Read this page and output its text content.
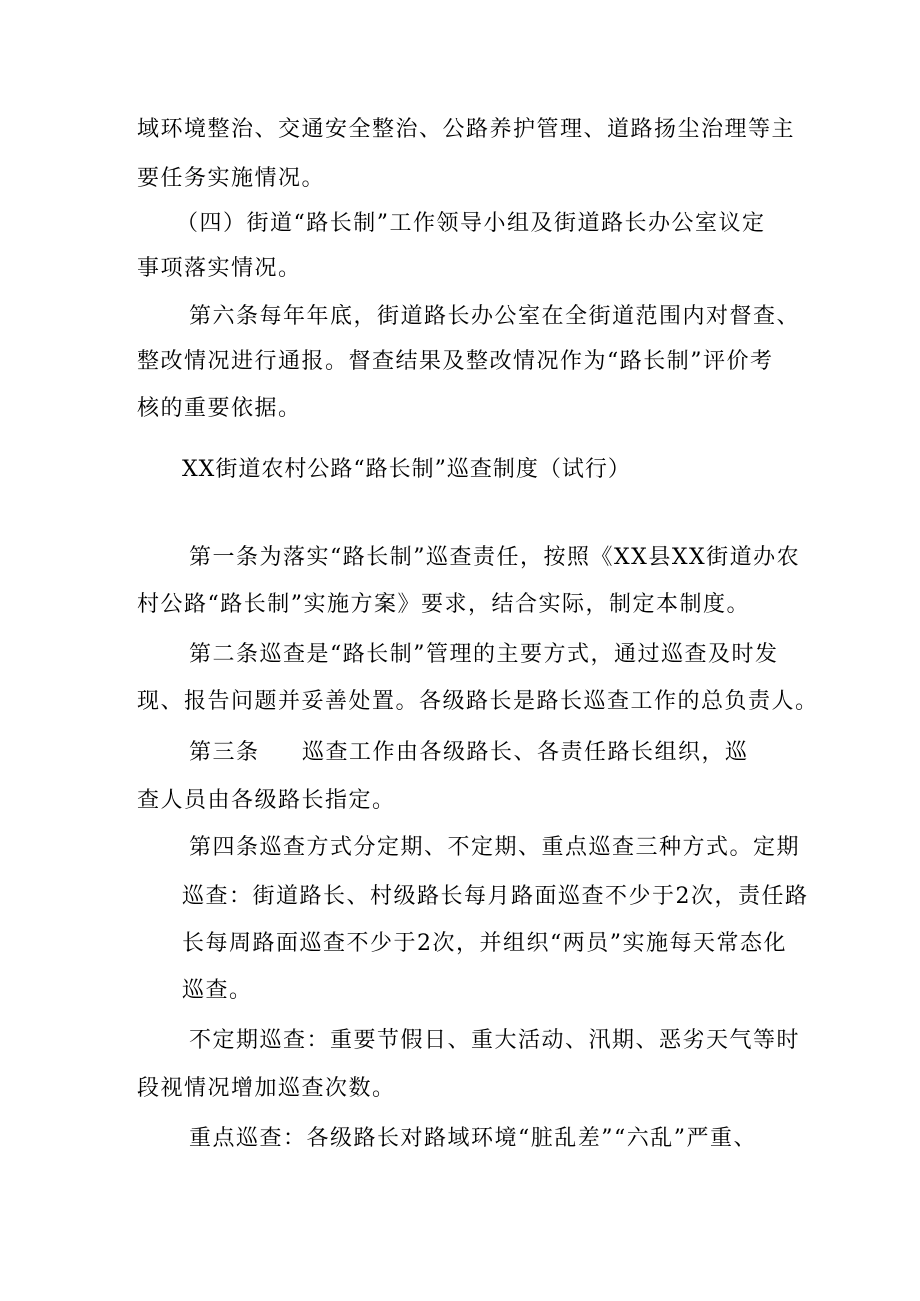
域环境整治、交通安全整治、公路养护管理、道路扬尘治理等主
要任务实施情况。
（四）街道“路长制”工作领导小组及街道路长办公室议定
事项落实情况。
第六条每年年底，街道路长办公室在全街道范围内对督查、
整改情况进行通报。督查结果及整改情况作为“路长制”评价考
核的重要依据。
XX街道农村公路“路长制”巡查制度（试行）
第一条为落实“路长制”巡查责任，按照《XX县XX街道办农
村公路“路长制”实施方案》要求，结合实际，制定本制度。
第二条巡查是“路长制”管理的主要方式，通过巡查及时发
现、报告问题并妥善处置。各级路长是路长巡查工作的总负责人。
第三条 巡查工作由各级路长、各责任路长组织，巡
查人员由各级路长指定。
第四条巡查方式分定期、不定期、重点巡查三种方式。定期
巡查：街道路长、村级路长每月路面巡查不少于2次，责任路
长每周路面巡查不少于2次，并组织“两员”实施每天常态化
巡查。
不定期巡查：重要节假日、重大活动、汛期、恶劣天气等时
段视情况增加巡查次数。
重点巡查：各级路长对路域环境“脏乱差”“六乱”严重、
